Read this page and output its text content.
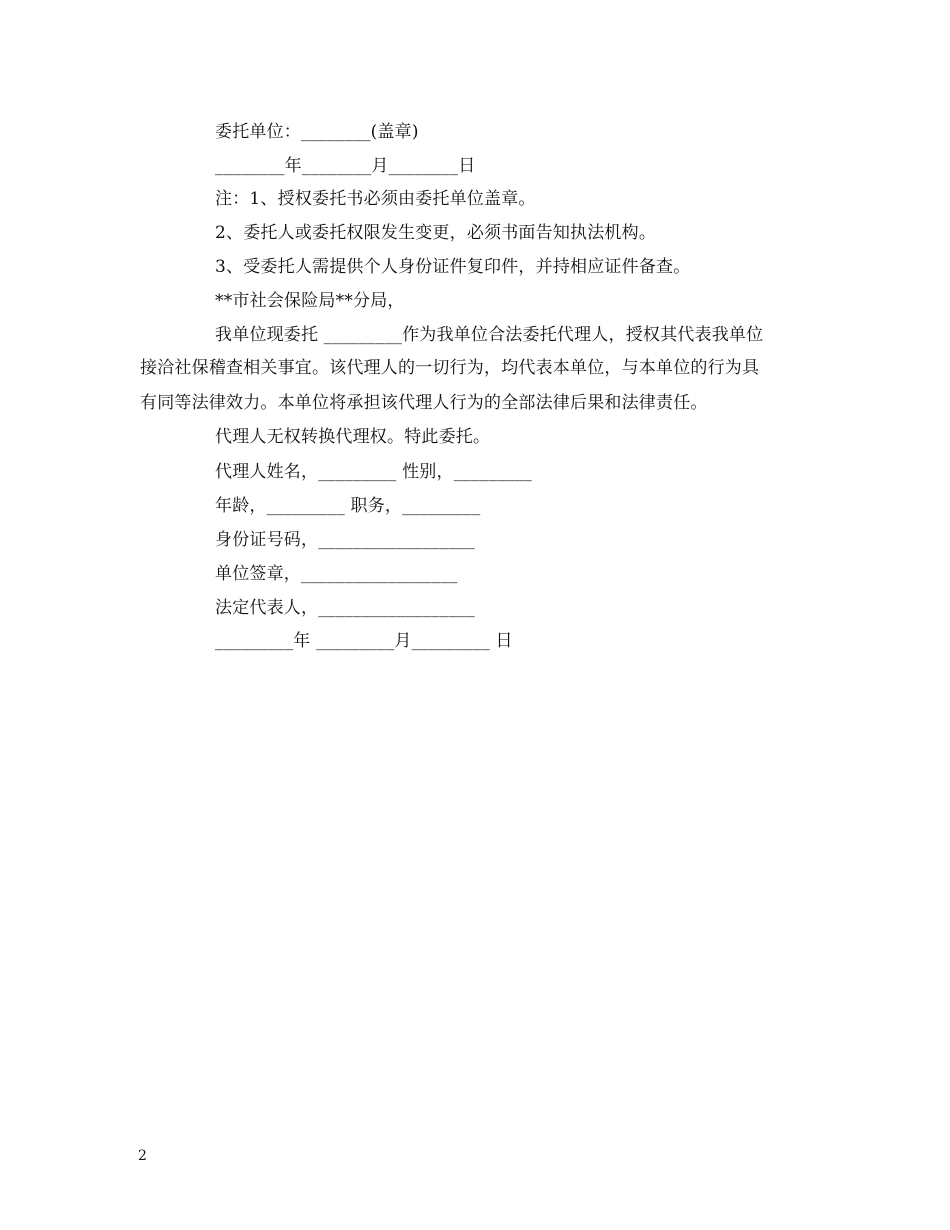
委托单位：________(盖章)
________年________月________日
注：1、授权委托书必须由委托单位盖章。
2、委托人或委托权限发生变更，必须书面告知执法机构。
3、受委托人需提供个人身份证件复印件，并持相应证件备查。
**市社会保险局**分局，
我单位现委托 _________作为我单位合法委托代理人，授权其代表我单位
接洽社保稽查相关事宜。该代理人的一切行为，均代表本单位，与本单位的行为具
有同等法律效力。本单位将承担该代理人行为的全部法律后果和法律责任。
代理人无权转换代理权。特此委托。
代理人姓名，_________ 性别，_________
年龄，_________ 职务，_________
身份证号码，__________________
单位签章，__________________
法定代表人，__________________
_________年 _________月_________ 日
2
